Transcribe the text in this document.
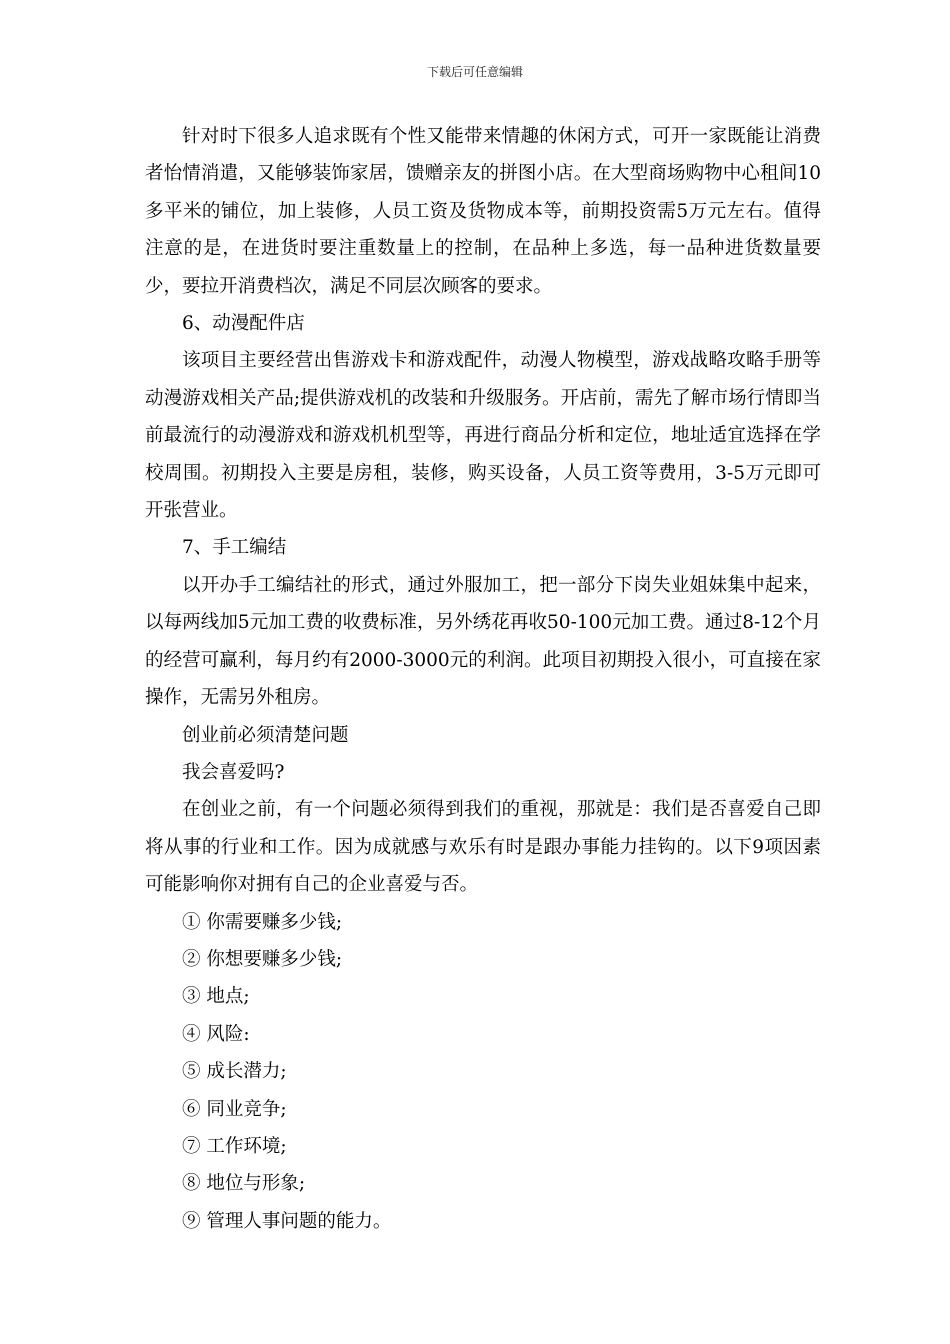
下载后可任意编辑

针对时下很多人追求既有个性又能带来情趣的休闲方式，可开一家既能让消费者怡情消遣，又能够装饰家居，馈赠亲友的拼图小店。在大型商场购物中心租间10多平米的铺位，加上装修，人员工资及货物成本等，前期投资需5万元左右。值得注意的是，在进货时要注重数量上的控制，在品种上多选，每一品种进货数量要少，要拉开消费档次，满足不同层次顾客的要求。

6、动漫配件店

该项目主要经营出售游戏卡和游戏配件，动漫人物模型，游戏战略攻略手册等动漫游戏相关产品;提供游戏机的改装和升级服务。开店前，需先了解市场行情即当前最流行的动漫游戏和游戏机机型等，再进行商品分析和定位，地址适宜选择在学校周围。初期投入主要是房租，装修，购买设备，人员工资等费用，3-5万元即可开张营业。

7、手工编结

以开办手工编结社的形式，通过外服加工，把一部分下岗失业姐妹集中起来，以每两线加5元加工费的收费标准，另外绣花再收50-100元加工费。通过8-12个月的经营可赢利，每月约有2000-3000元的利润。此项目初期投入很小，可直接在家操作，无需另外租房。

创业前必须清楚问题

我会喜爱吗?

在创业之前，有一个问题必须得到我们的重视，那就是：我们是否喜爱自己即将从事的行业和工作。因为成就感与欢乐有时是跟办事能力挂钩的。以下9项因素可能影响你对拥有自己的企业喜爱与否。

① 你需要赚多少钱;
② 你想要赚多少钱;
③ 地点;
④ 风险:
⑤ 成长潜力;
⑥ 同业竞争;
⑦ 工作环境;
⑧ 地位与形象;
⑨ 管理人事问题的能力。
